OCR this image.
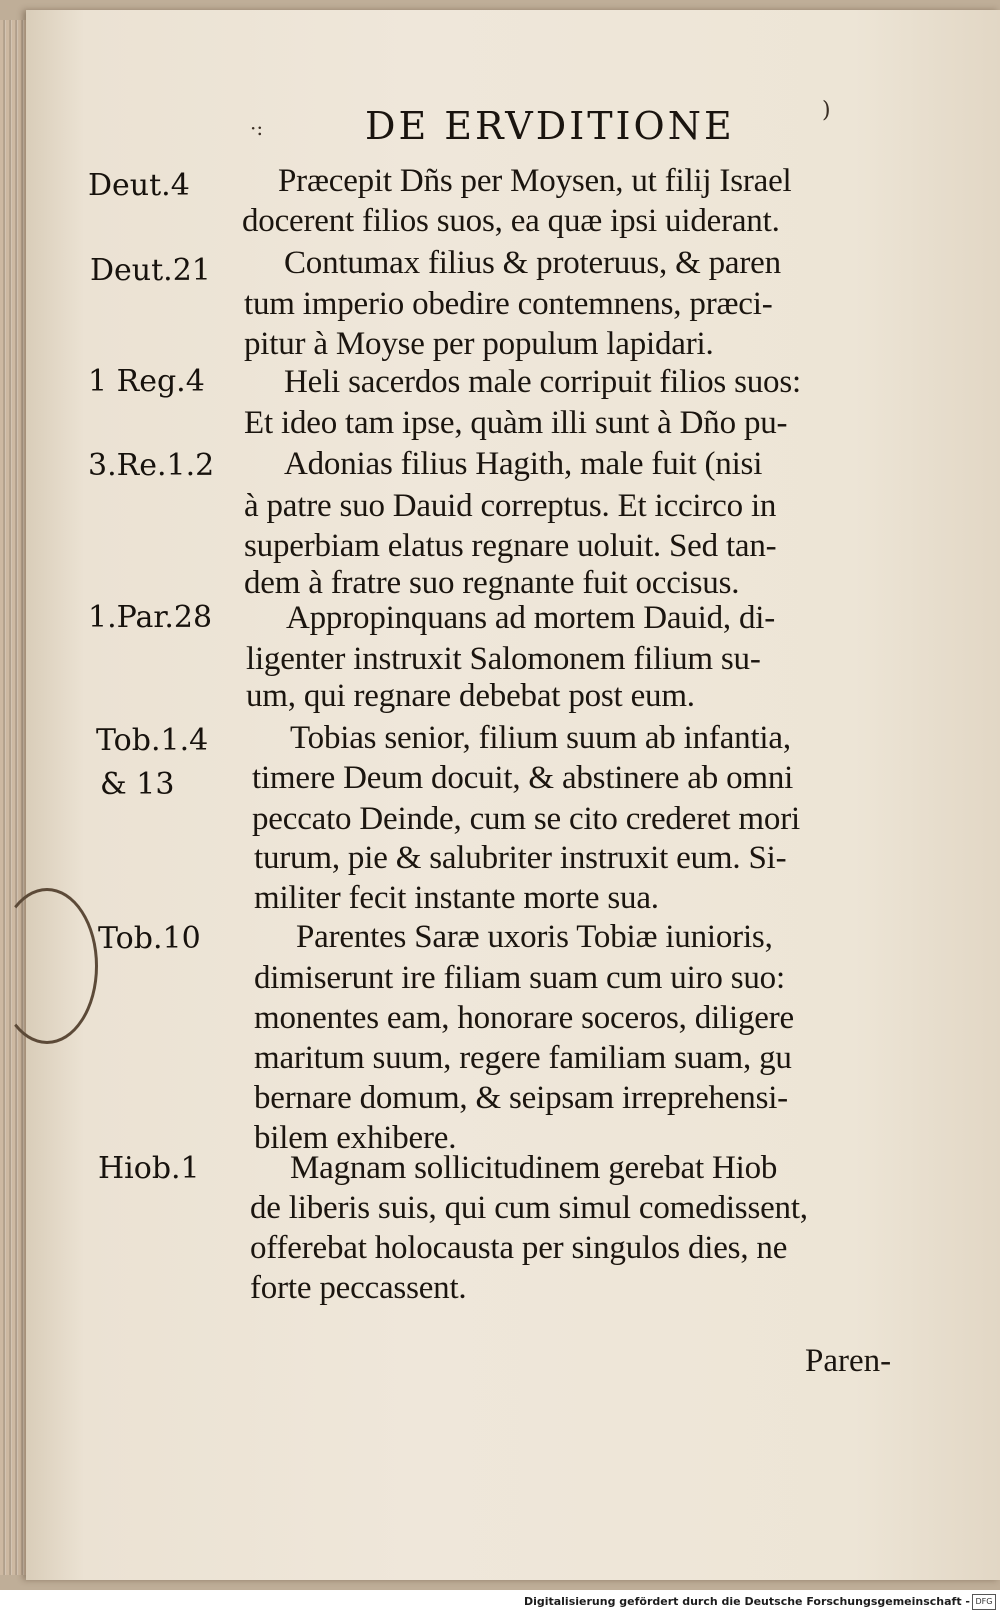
·:	DE ERVDITIONE	)
Deut.4
Deut.21
1 Reg.4
3.Re.1.2
1.Par.28
Tob.1.4
& 13
Tob.10
Hiob.1
Præcepit Dñs per Moysen, ut filij Israel
docerent filios suos, ea quæ ipsi uiderant.
Contumax filius & proteruus, & paren
tum imperio obedire contemnens, præci-
pitur à Moyse per populum lapidari.
Heli sacerdos male corripuit filios suos:
Et ideo tam ipse, quàm illi sunt à Dño pu-
Adonias filius Hagith, male fuit (nisi
à patre suo Dauid correptus. Et iccirco in
superbiam elatus regnare uoluit. Sed tan-
dem à fratre suo regnante fuit occisus.
Appropinquans ad mortem Dauid, di-
ligenter instruxit Salomonem filium su-
um, qui regnare debebat post eum.
Tobias senior, filium suum ab infantia,
timere Deum docuit, & abstinere ab omni
peccato Deinde, cum se cito crederet mori
turum, pie & salubriter instruxit eum. Si-
militer fecit instante morte sua.
Parentes Saræ uxoris Tobiæ iunioris,
dimiserunt ire filiam suam cum uiro suo:
monentes eam, honorare soceros, diligere
maritum suum, regere familiam suam, gu
bernare domum, & seipsam irreprehensi-
bilem exhibere.
Magnam sollicitudinem gerebat Hiob
de liberis suis, qui cum simul comedissent,
offerebat holocausta per singulos dies, ne
forte peccassent.
Paren-
Digitalisierung gefördert durch die Deutsche Forschungsgemeinschaft - DFG
